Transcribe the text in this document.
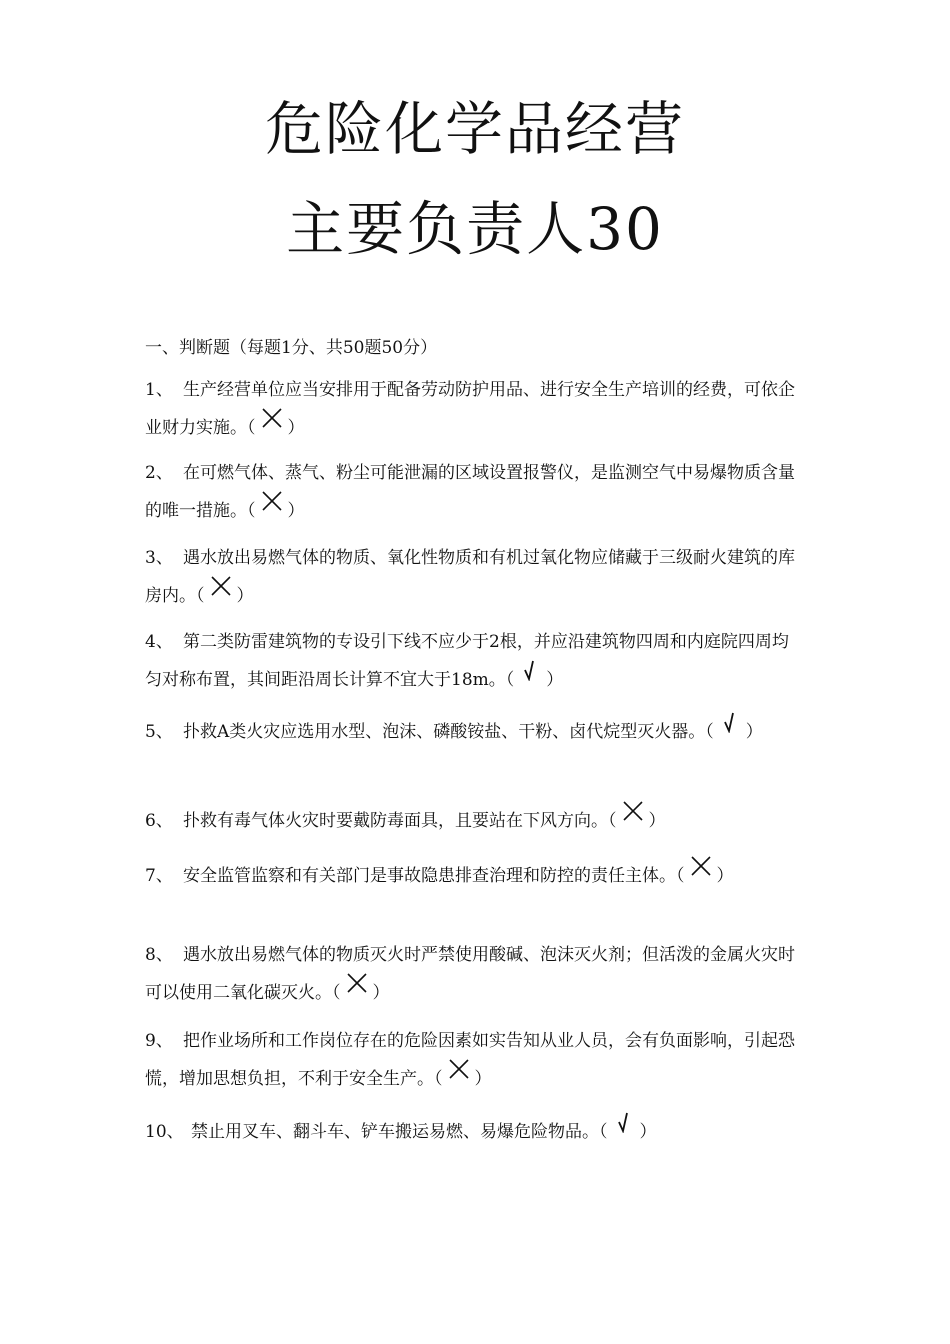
危险化学品经营
主要负责人30

一、判断题（每题1分、共50题50分）

1、 生产经营单位应当安排用于配备劳动防护用品、进行安全生产培训的经费，可依企业财力实施。（ ）

2、 在可燃气体、蒸气、粉尘可能泄漏的区域设置报警仪，是监测空气中易爆物质含量的唯一措施。（ ）

3、 遇水放出易燃气体的物质、氧化性物质和有机过氧化物应储藏于三级耐火建筑的库房内。（ ）

4、 第二类防雷建筑物的专设引下线不应少于2根，并应沿建筑物四周和内庭院四周均匀对称布置，其间距沿周长计算不宜大于18m。（ ）

5、 扑救A类火灾应选用水型、泡沫、磷酸铵盐、干粉、卤代烷型灭火器。（ ）

6、 扑救有毒气体火灾时要戴防毒面具，且要站在下风方向。（ ）

7、 安全监管监察和有关部门是事故隐患排查治理和防控的责任主体。（ ）

8、 遇水放出易燃气体的物质灭火时严禁使用酸碱、泡沫灭火剂；但活泼的金属火灾时可以使用二氧化碳灭火。（ ）

9、 把作业场所和工作岗位存在的危险因素如实告知从业人员，会有负面影响，引起恐慌，增加思想负担，不利于安全生产。（ ）

10、 禁止用叉车、翻斗车、铲车搬运易燃、易爆危险物品。（ ）
